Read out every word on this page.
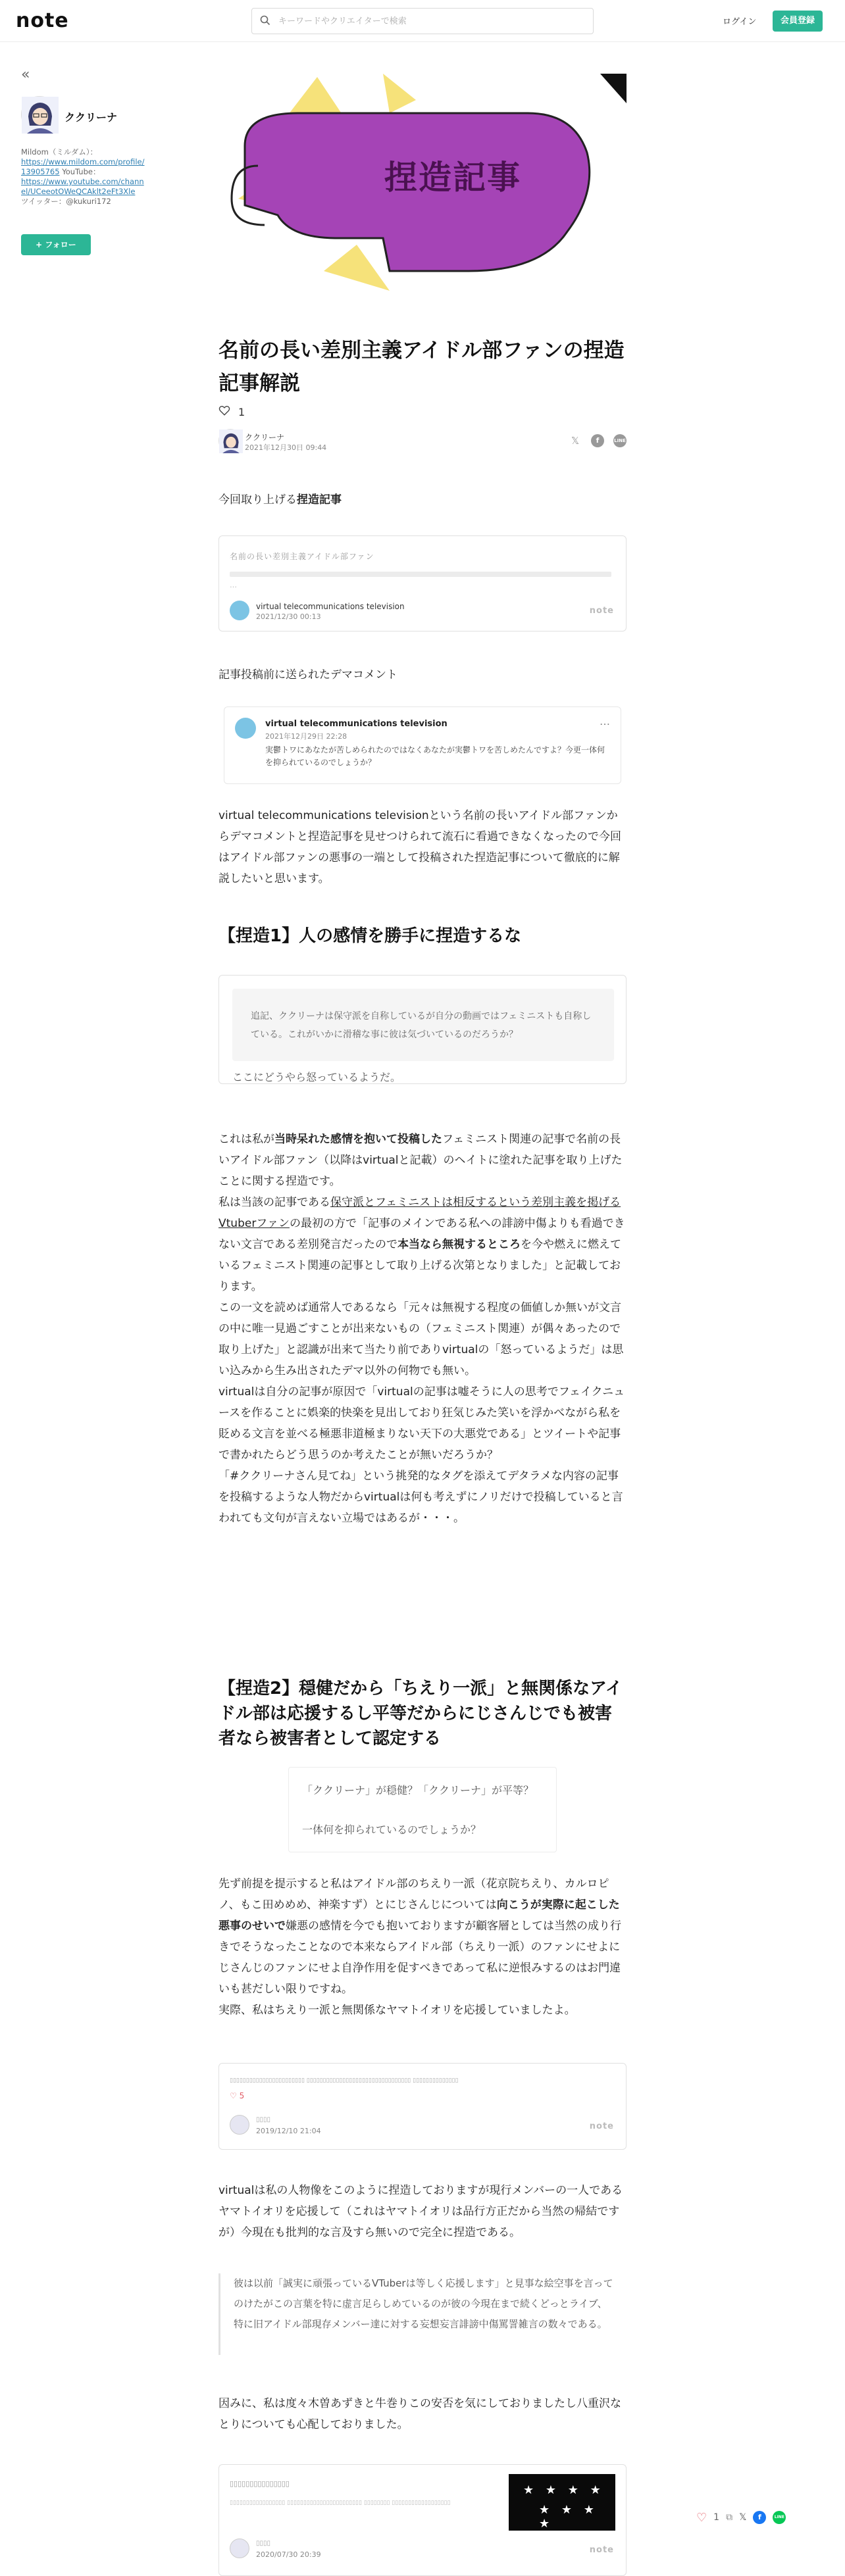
note
キーワードやクリエイターで検索	ログイン	会員登録
«
ククリーナ
Mildom（ミルダム）：
https://www.mildom.com/profile/13905765 YouTube：
https://www.youtube.com/channel/UCeeotOWeQCAklt2eFt3Xle
ツイッター：@kukuri172
+ フォロー
捏造記事
名前の長い差別主義アイドル部ファンの捏造記事解説
1
ククリーナ
2021年12月30日 09:44
𝕏	f	LINE
今回取り上げる捏造記事
名前の長い差別主義アイドル部ファン
…
virtual telecommunications television
2021/12/30 00:13
note
記事投稿前に送られたデマコメント
virtual telecommunications television
2021年12月29日 22:28
実鬱トワにあなたが苦しめられたのではなくあなたが実鬱トワを苦しめたんですよ？今更一体何を抑られているのでしょうか？
…
virtual telecommunications televisionという名前の長いアイドル部ファンからデマコメントと捏造記事を見せつけられて流石に看過できなくなったので今回はアイドル部ファンの悪事の一端として投稿された捏造記事について徹底的に解説したいと思います。
【捏造1】人の感情を勝手に捏造するな
追記、ククリーナは保守派を自称しているが自分の動画ではフェミニストも自称している。これがいかに滑稽な事に彼は気づいているのだろうか？
ここにどうやら怒っているようだ。
これは私が当時呆れた感情を抱いて投稿したフェミニスト関連の記事で名前の長いアイドル部ファン（以降はvirtualと記載）のヘイトに塗れた記事を取り上げたことに関する捏造です。
私は当該の記事である保守派とフェミニストは相反するという差別主義を掲げるVtuberファンの最初の方で「記事のメインである私への誹謗中傷よりも看過できない文言である差別発言だったので本当なら無視するところを今や燃えに燃えているフェミニスト関連の記事として取り上げる次第となりました」と記載しております。
この一文を読めば通常人であるなら「元々は無視する程度の価値しか無いが文言の中に唯一見過ごすことが出来ないもの（フェミニスト関連）が偶々あったので取り上げた」と認識が出来て当たり前でありvirtualの「怒っているようだ」は思い込みから生み出されたデマ以外の何物でも無い。
virtualは自分の記事が原因で「virtualの記事は嘘そうに人の思考でフェイクニュースを作ることに娯楽的快楽を見出しており狂気じみた笑いを浮かべながら私を貶める文言を並べる極悪非道極まりない天下の大悪党である」とツイートや記事で書かれたらどう思うのか考えたことが無いだろうか？
「#ククリーナさん見てね」という挑発的なタグを添えてデタラメな内容の記事を投稿するような人物だからvirtualは何も考えずにノリだけで投稿していると言われても文句が言えない立場ではあるが・・・。
【捏造2】穏健だから「ちえり一派」と無関係なアイドル部は応援するし平等だからにじさんじでも被害者なら被害者として認定する
「ククリーナ」が穏健？「ククリーナ」が平等？
一体何を抑られているのでしょうか？
先ず前提を提示すると私はアイドル部のちえり一派（花京院ちえり、カルロピノ、もこ田めめめ、神楽すず）とにじさんじについては向こうが実際に起こした悪事のせいで嫌悪の感情を今でも抱いておりますが顧客層としては当然の成り行きでそうなったことなので本来ならアイドル部（ちえり一派）のファンにせよにじさんじのファンにせよ自浄作用を促すべきであって私に逆恨みするのはお門違いも甚だしい限りですね。
実際、私はちえり一派と無関係なヤマトイオリを応援していましたよ。
▯▯▯▯▯▯▯▯▯▯▯▯▯▯▯▯▯▯▯▯▯▯▯ ▯▯▯▯▯▯▯▯▯▯▯▯▯▯▯▯▯▯▯▯▯▯▯▯▯▯▯▯▯▯▯▯ ▯▯▯▯▯▯▯▯▯▯▯▯▯▯
♡ 5
▯▯▯▯
2019/12/10 21:04	note
virtualは私の人物像をこのように捏造しておりますが現行メンバーの一人であるヤマトイオリを応援して（これはヤマトイオリは品行方正だから当然の帰結ですが）今現在も批判的な言及すら無いので完全に捏造である。
彼は以前「誠実に頑張っているVTuberは等しく応援します」と見事な絵空事を言ってのけたがこの言葉を特に虚言足らしめているのが彼の今現在まで続くどっとライブ、特に旧アイドル部現存メンバー達に対する妄想妄言誹謗中傷罵詈雑言の数々である。
因みに、私は度々木曽あずきと牛巻りこの安否を気にしておりましたし八重沢なとりについても心配しておりました。
▯▯▯▯▯▯▯▯▯▯▯▯▯▯▯
▯▯▯▯▯▯▯▯▯▯▯▯▯▯▯▯▯ ▯▯▯▯▯▯▯▯▯▯▯▯▯▯▯▯▯▯▯▯▯▯▯ ▯▯▯▯▯▯▯▯ ▯▯▯▯▯▯▯▯▯▯▯▯▯▯▯▯▯▯
▯▯▯▯
2020/07/30 20:39
★ ★ ★ ★
★ ★ ★ ★
note
♡ 1 ⧉ 𝕏	f	LINE
